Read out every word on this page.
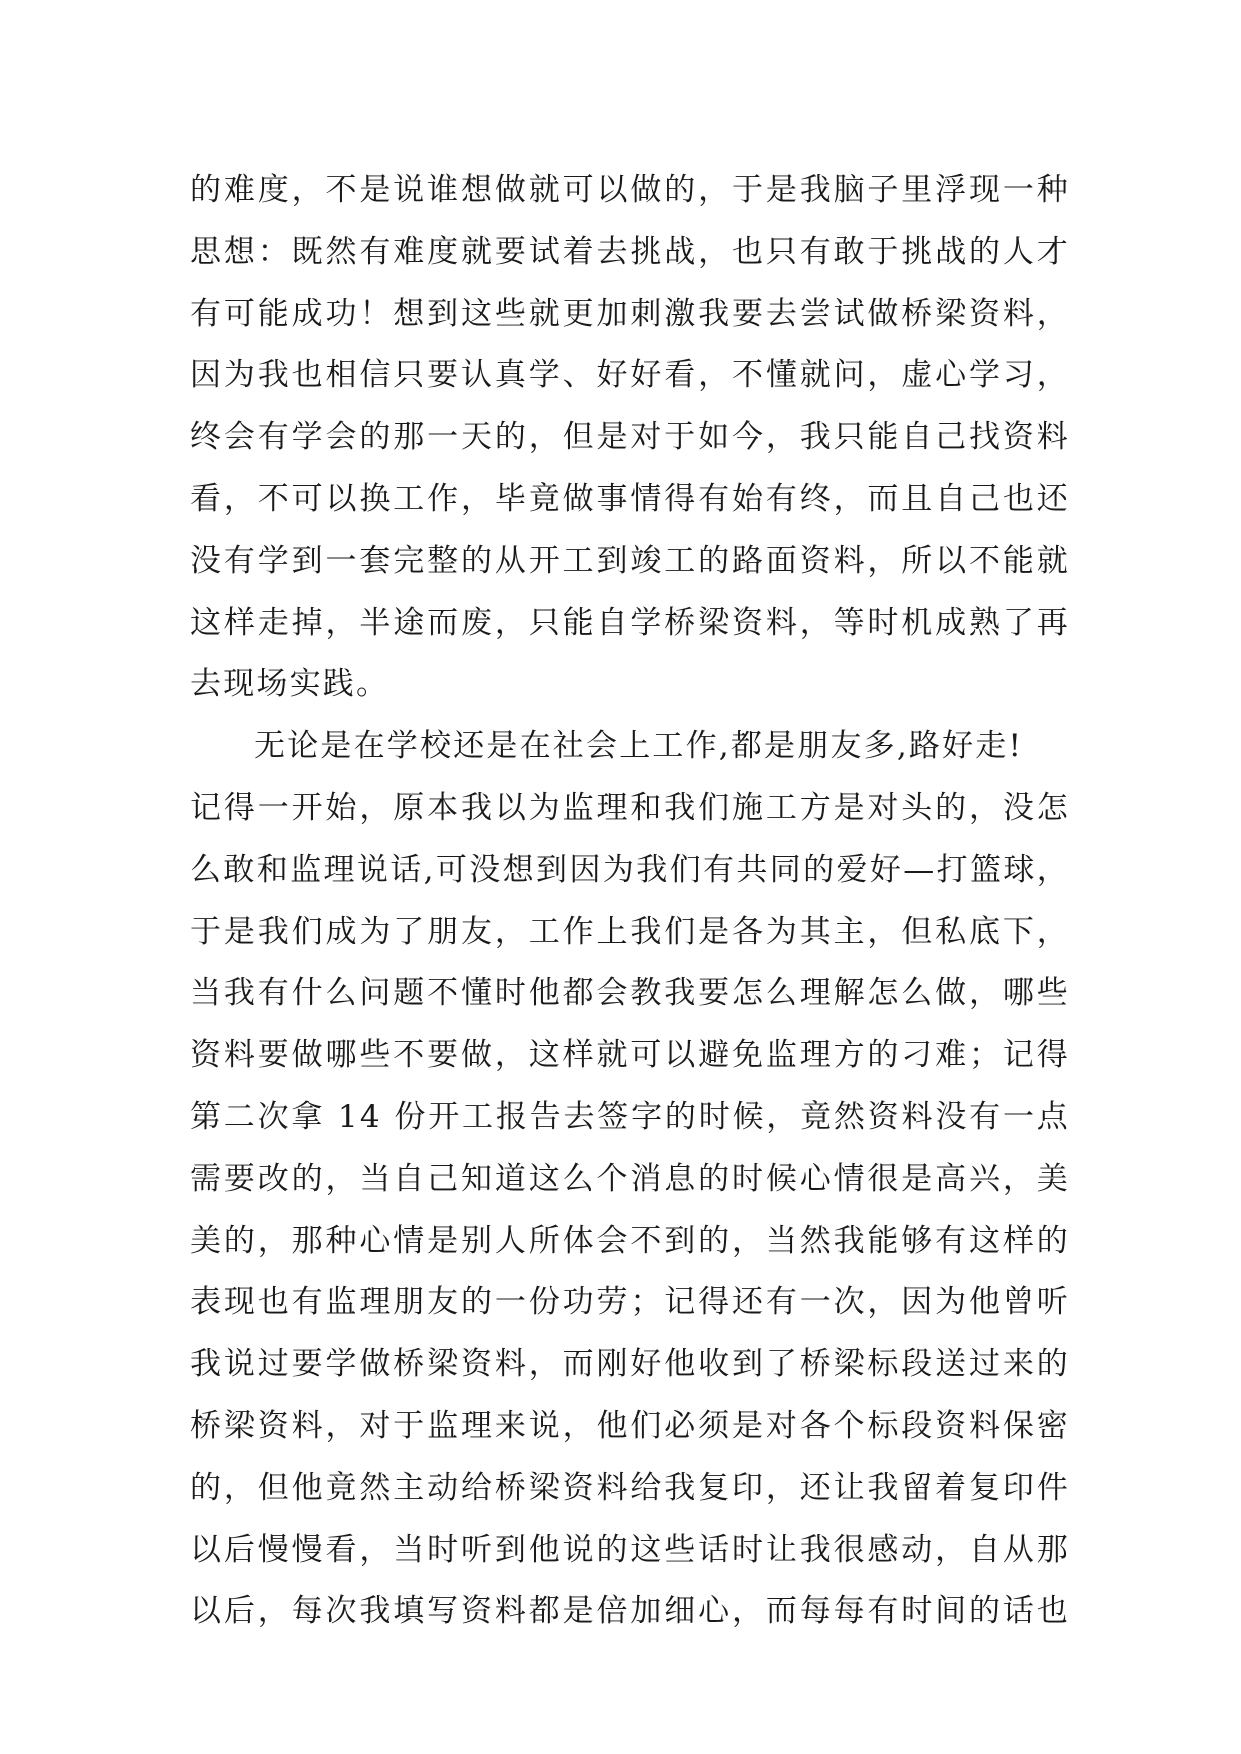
的难度，不是说谁想做就可以做的，于是我脑子里浮现一种
思想：既然有难度就要试着去挑战，也只有敢于挑战的人才
有可能成功！想到这些就更加刺激我要去尝试做桥梁资料，
因为我也相信只要认真学、好好看，不懂就问，虚心学习，
终会有学会的那一天的，但是对于如今，我只能自己找资料
看，不可以换工作，毕竟做事情得有始有终，而且自己也还
没有学到一套完整的从开工到竣工的路面资料，所以不能就
这样走掉，半途而废，只能自学桥梁资料，等时机成熟了再
去现场实践。
无论是在学校还是在社会上工作,都是朋友多,路好走!
记得一开始，原本我以为监理和我们施工方是对头的，没怎
么敢和监理说话,可没想到因为我们有共同的爱好—打篮球，
于是我们成为了朋友，工作上我们是各为其主，但私底下，
当我有什么问题不懂时他都会教我要怎么理解怎么做，哪些
资料要做哪些不要做，这样就可以避免监理方的刁难；记得
第二次拿 14 份开工报告去签字的时候，竟然资料没有一点
需要改的，当自己知道这么个消息的时候心情很是高兴，美
美的，那种心情是别人所体会不到的，当然我能够有这样的
表现也有监理朋友的一份功劳；记得还有一次，因为他曾听
我说过要学做桥梁资料，而刚好他收到了桥梁标段送过来的
桥梁资料，对于监理来说，他们必须是对各个标段资料保密
的，但他竟然主动给桥梁资料给我复印，还让我留着复印件
以后慢慢看，当时听到他说的这些话时让我很感动，自从那
以后，每次我填写资料都是倍加细心，而每每有时间的话也
